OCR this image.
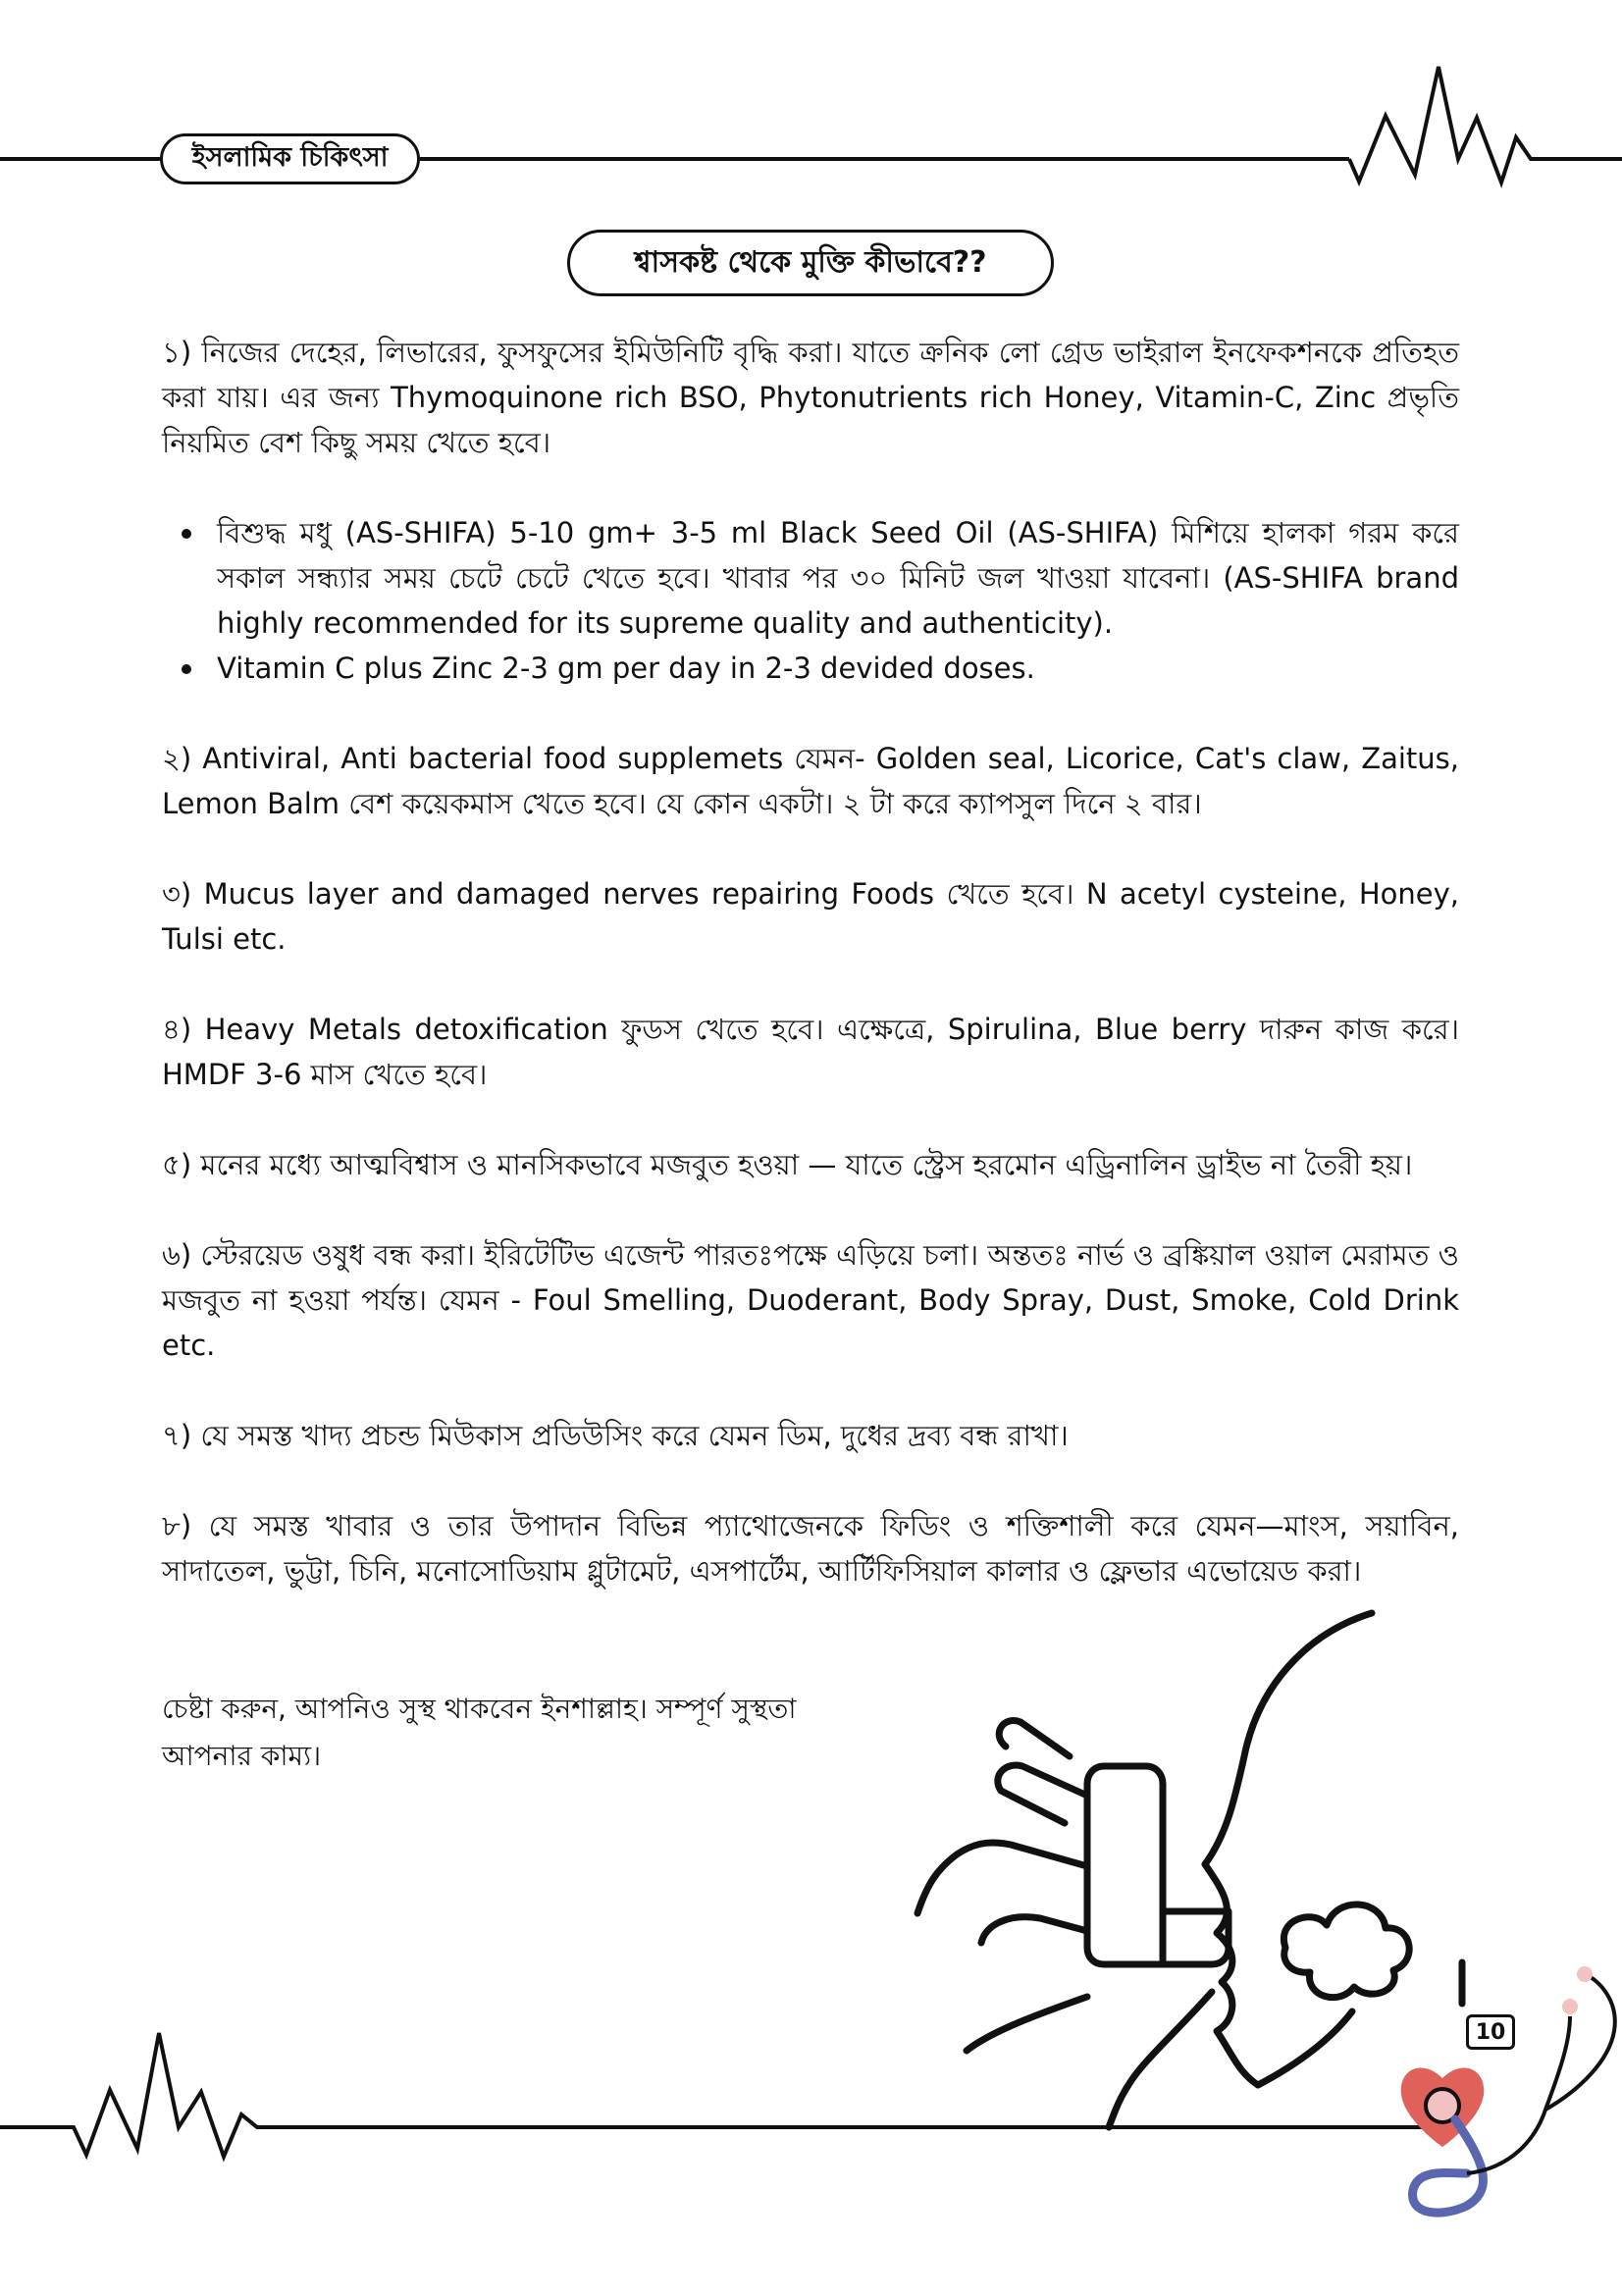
ইসলামিক চিকিৎসা
শ্বাসকষ্ট থেকে মুক্তি কীভাবে??

১) নিজের দেহের, লিভারের, ফুসফুসের ইমিউনিটি বৃদ্ধি করা। যাতে ক্রনিক লো গ্রেড ভাইরাল ইনফেকশনকে প্রতিহত করা যায়। এর জন্য Thymoquinone rich BSO, Phytonutrients rich Honey, Vitamin-C, Zinc প্রভৃতি নিয়মিত বেশ কিছু সময় খেতে হবে।

বিশুদ্ধ মধু (AS-SHIFA) 5-10 gm+ 3-5 ml Black Seed Oil (AS-SHIFA) মিশিয়ে হালকা গরম করে সকাল সন্ধ্যার সময় চেটে চেটে খেতে হবে। খাবার পর ৩০ মিনিট জল খাওয়া যাবেনা। (AS-SHIFA brand highly recommended for its supreme quality and authenticity).
Vitamin C plus Zinc 2-3 gm per day in 2-3 devided doses.

২) Antiviral, Anti bacterial food supplemets যেমন- Golden seal, Licorice, Cat's claw, Zaitus, Lemon Balm বেশ কয়েকমাস খেতে হবে। যে কোন একটা। ২ টা করে ক্যাপসুল দিনে ২ বার।

৩) Mucus layer and damaged nerves repairing Foods খেতে হবে। N acetyl cysteine, Honey, Tulsi etc.

৪) Heavy Metals detoxification ফুডস খেতে হবে। এক্ষেত্রে, Spirulina, Blue berry দারুন কাজ করে। HMDF 3-6 মাস খেতে হবে।

৫) মনের মধ্যে আত্মবিশ্বাস ও মানসিকভাবে মজবুত হওয়া — যাতে স্ট্রেস হরমোন এড্রিনালিন ড্রাইভ না তৈরী হয়।

৬) স্টেরয়েড ওষুধ বন্ধ করা। ইরিটেটিভ এজেন্ট পারতঃপক্ষে এড়িয়ে চলা। অন্ততঃ নার্ভ ও ব্রঙ্কিয়াল ওয়াল মেরামত ও মজবুত না হওয়া পর্যন্ত। যেমন - Foul Smelling, Duoderant, Body Spray, Dust, Smoke, Cold Drink etc.

৭) যে সমস্ত খাদ্য প্রচন্ড মিউকাস প্রডিউসিং করে যেমন ডিম, দুধের দ্রব্য বন্ধ রাখা।

৮) যে সমস্ত খাবার ও তার উপাদান বিভিন্ন প্যাথোজেনকে ফিডিং ও শক্তিশালী করে যেমন—মাংস, সয়াবিন, সাদাতেল, ভুট্টা, চিনি, মনোসোডিয়াম গ্লুটামেট, এসপার্টেম, আর্টিফিসিয়াল কালার ও ফ্লেভার এভোয়েড করা।

চেষ্টা করুন, আপনিও সুস্থ থাকবেন ইনশাল্লাহ। সম্পূর্ণ সুস্থতা
আপনার কাম্য।
10
